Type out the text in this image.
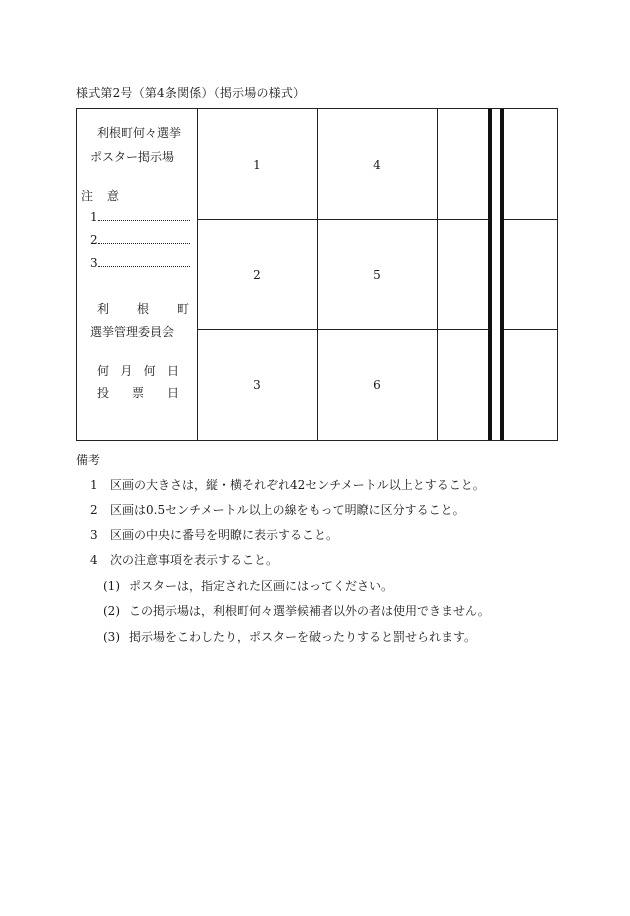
様式第2号（第4条関係）（掲示場の様式）
1
2
3
4
5
6
利根町何々選挙
ポスター掲示場
注 意
1
2
3
利 根 町
選挙管理委員会
何 月 何 日
投 票 日
備考
1 区画の大きさは，縦・横それぞれ42センチメートル以上とすること。
2 区画は0.5センチメートル以上の線をもって明瞭に区分すること。
3 区画の中央に番号を明瞭に表示すること。
4 次の注意事項を表示すること。
(1) ポスターは，指定された区画にはってください。
(2) この掲示場は，利根町何々選挙候補者以外の者は使用できません。
(3) 掲示場をこわしたり，ポスターを破ったりすると罰せられます。
